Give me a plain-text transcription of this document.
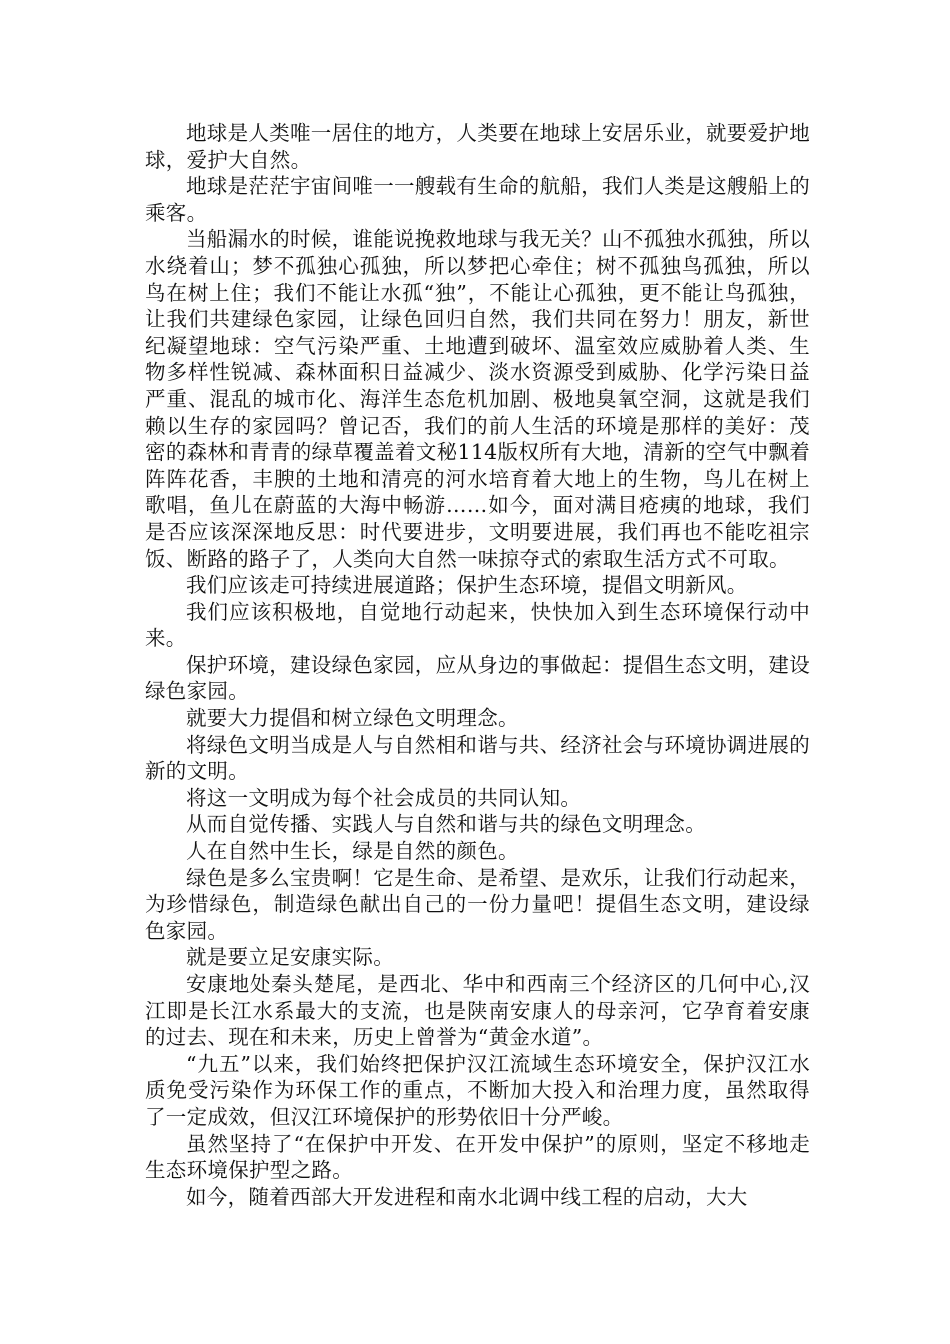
地球是人类唯一居住的地方，人类要在地球上安居乐业，就要爱护地球，爱护大自然。

地球是茫茫宇宙间唯一一艘载有生命的航船，我们人类是这艘船上的乘客。

当船漏水的时候，谁能说挽救地球与我无关？山不孤独水孤独，所以水绕着山；梦不孤独心孤独，所以梦把心牵住；树不孤独鸟孤独，所以鸟在树上住；我们不能让水孤“独”，不能让心孤独，更不能让鸟孤独，让我们共建绿色家园，让绿色回归自然，我们共同在努力！朋友，新世纪凝望地球：空气污染严重、土地遭到破坏、温室效应威胁着人类、生物多样性锐减、森林面积日益减少、淡水资源受到威胁、化学污染日益严重、混乱的城市化、海洋生态危机加剧、极地臭氧空洞，这就是我们赖以生存的家园吗？曾记否，我们的前人生活的环境是那样的美好：茂密的森林和青青的绿草覆盖着文秘114版权所有大地，清新的空气中飘着阵阵花香，丰腴的土地和清亮的河水培育着大地上的生物，鸟儿在树上歌唱，鱼儿在蔚蓝的大海中畅游……如今，面对满目疮痍的地球，我们是否应该深深地反思：时代要进步，文明要进展，我们再也不能吃祖宗饭、断路的路子了，人类向大自然一味掠夺式的索取生活方式不可取。

我们应该走可持续进展道路；保护生态环境，提倡文明新风。

我们应该积极地，自觉地行动起来，快快加入到生态环境保行动中来。

保护环境，建设绿色家园，应从身边的事做起：提倡生态文明，建设绿色家园。

就要大力提倡和树立绿色文明理念。

将绿色文明当成是人与自然相和谐与共、经济社会与环境协调进展的新的文明。

将这一文明成为每个社会成员的共同认知。

从而自觉传播、实践人与自然和谐与共的绿色文明理念。

人在自然中生长，绿是自然的颜色。

绿色是多么宝贵啊！它是生命、是希望、是欢乐，让我们行动起来，为珍惜绿色，制造绿色献出自己的一份力量吧！提倡生态文明，建设绿色家园。

就是要立足安康实际。

安康地处秦头楚尾，是西北、华中和西南三个经济区的几何中心,汉江即是长江水系最大的支流，也是陕南安康人的母亲河，它孕育着安康的过去、现在和未来，历史上曾誉为“黄金水道”。

“九五”以来，我们始终把保护汉江流域生态环境安全，保护汉江水质免受污染作为环保工作的重点，不断加大投入和治理力度，虽然取得了一定成效，但汉江环境保护的形势依旧十分严峻。

虽然坚持了“在保护中开发、在开发中保护”的原则，坚定不移地走生态环境保护型之路。

如今，随着西部大开发进程和南水北调中线工程的启动，大大
